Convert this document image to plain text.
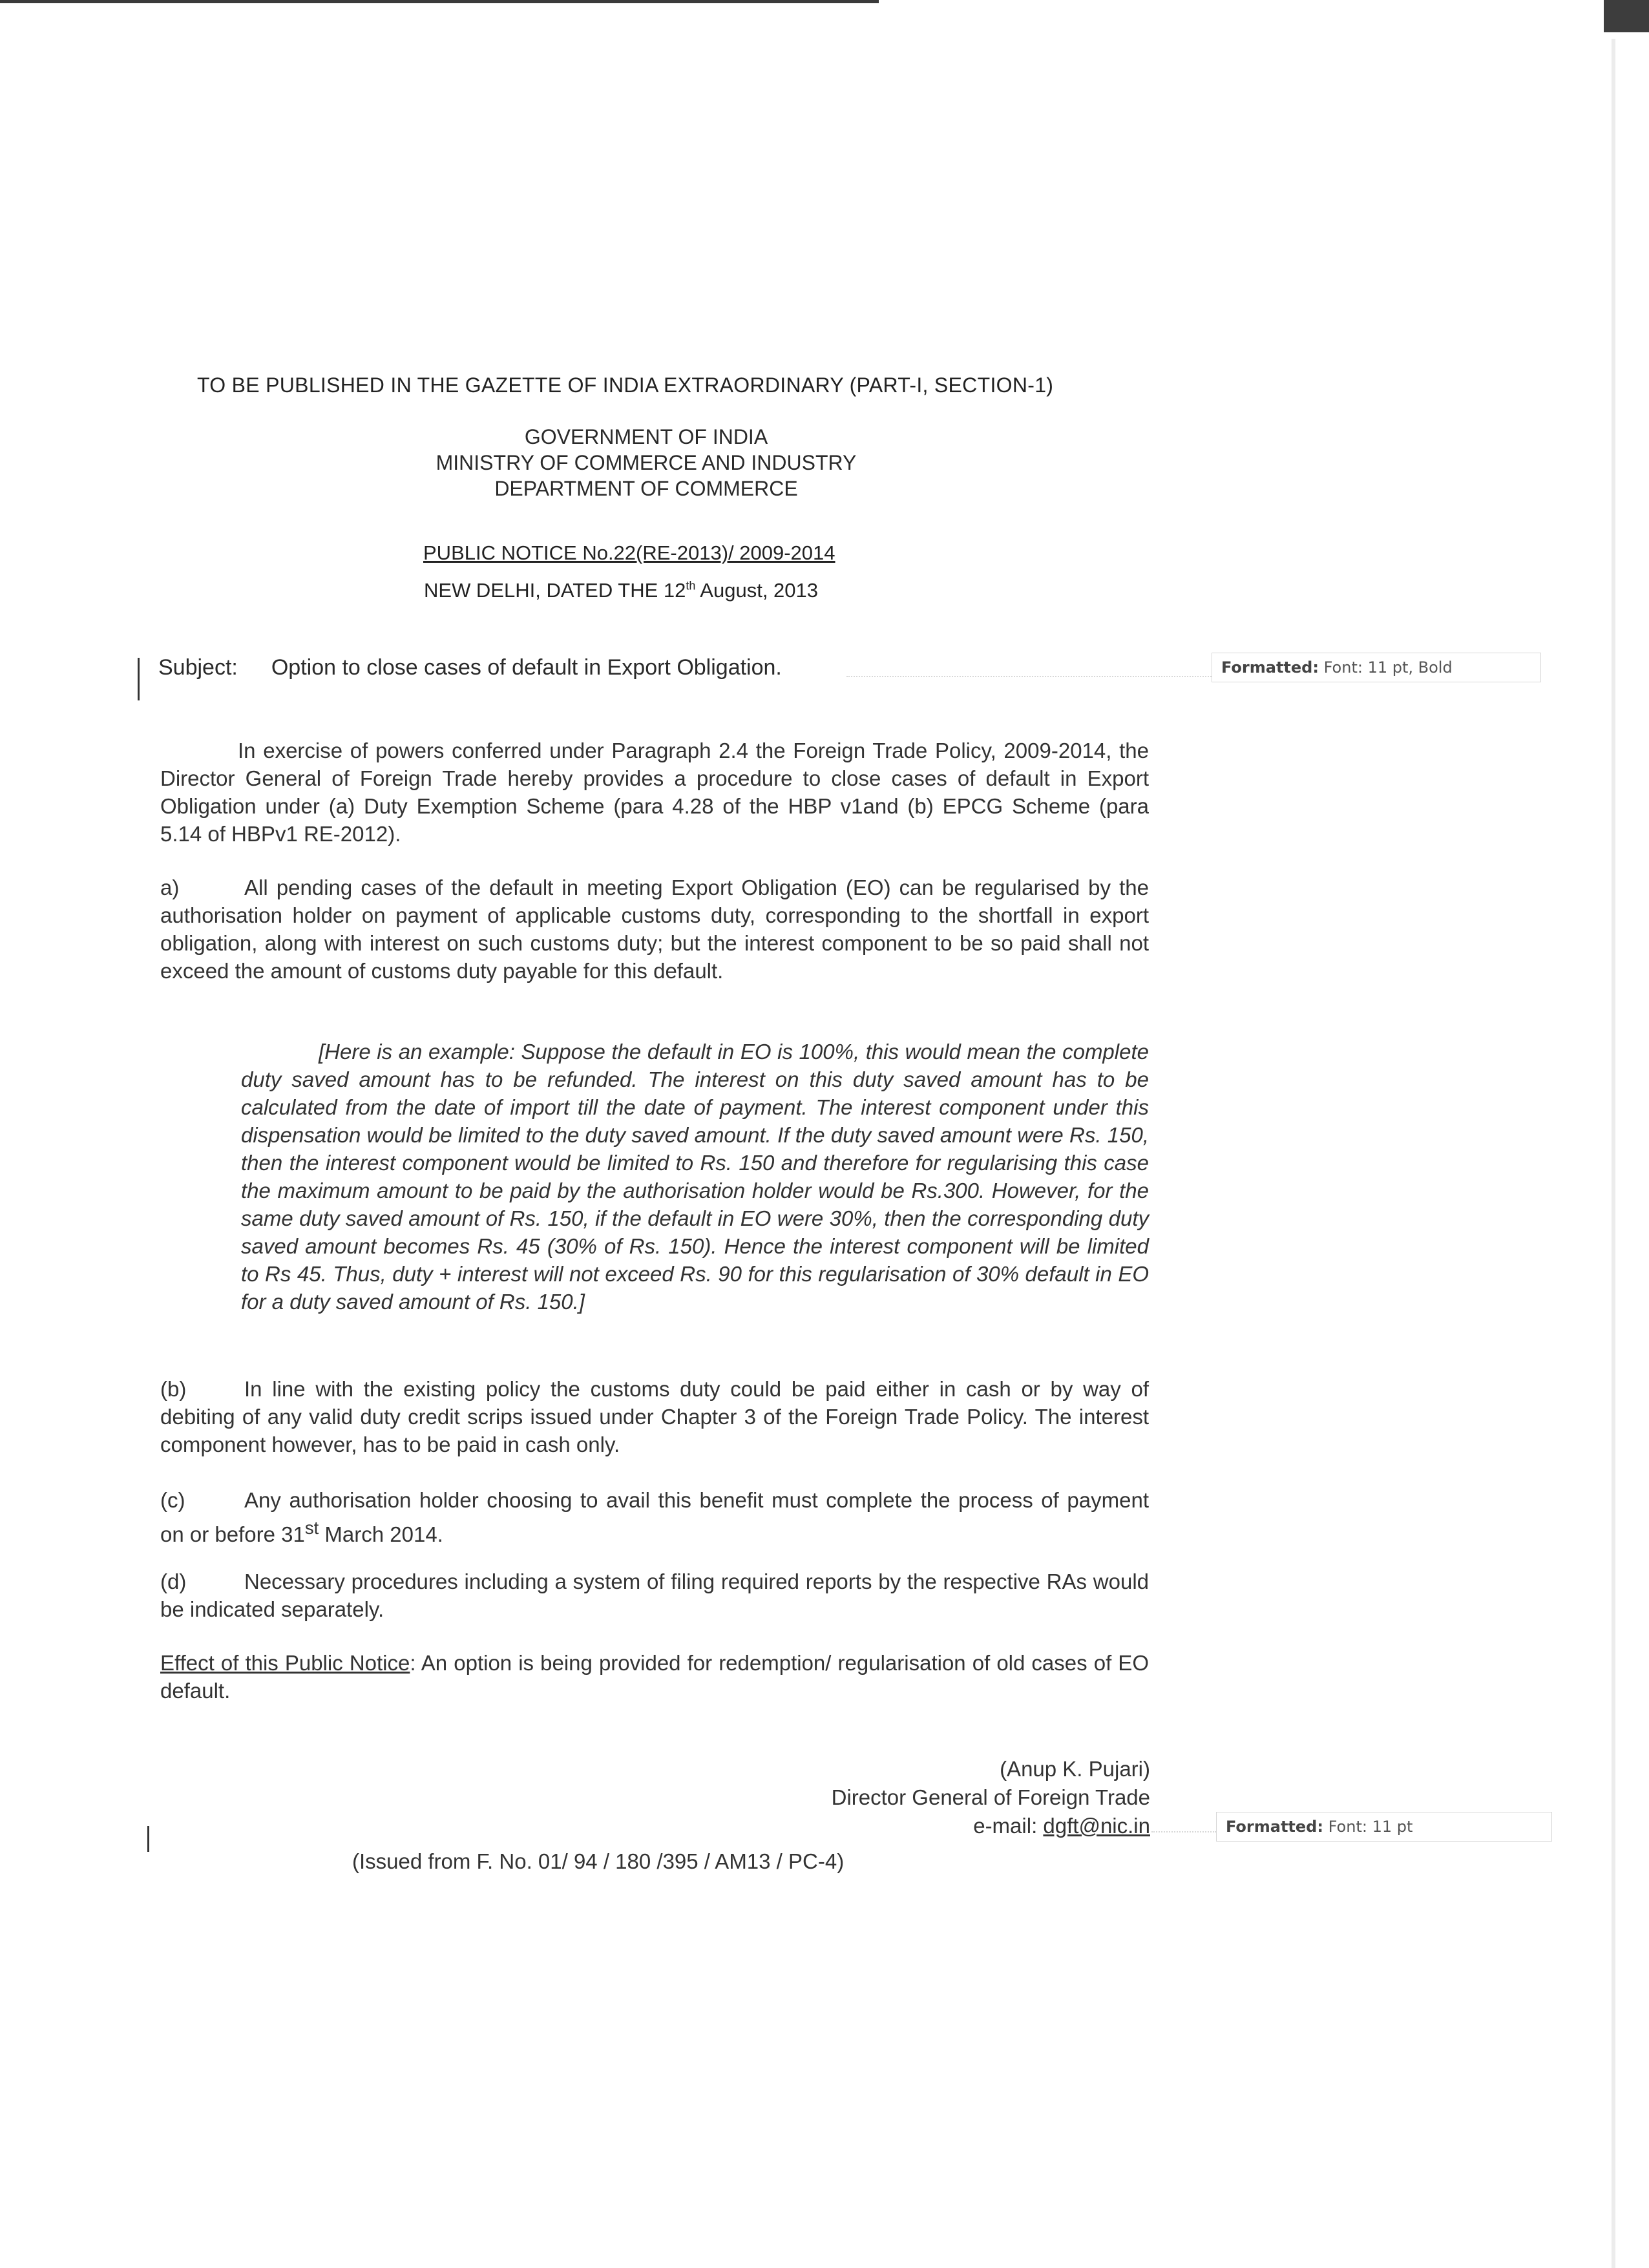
TO BE PUBLISHED IN THE GAZETTE OF INDIA EXTRAORDINARY (PART-I, SECTION-1)
GOVERNMENT OF INDIA
MINISTRY OF COMMERCE AND INDUSTRY
DEPARTMENT OF COMMERCE
PUBLIC NOTICE No.22(RE-2013)/ 2009-2014
NEW DELHI, DATED THE 12th August, 2013
Subject: Option to close cases of default in Export Obligation.	Formatted: Font: 11 pt, Bold
In exercise of powers conferred under Paragraph 2.4 the Foreign Trade Policy, 2009-2014, the Director General of Foreign Trade hereby provides a procedure to close cases of default in Export Obligation under (a) Duty Exemption Scheme (para 4.28 of the HBP v1and (b) EPCG Scheme (para 5.14 of HBPv1 RE-2012).
a)	All pending cases of the default in meeting Export Obligation (EO) can be regularised by the authorisation holder on payment of applicable customs duty, corresponding to the shortfall in export obligation, along with interest on such customs duty; but the interest component to be so paid shall not exceed the amount of customs duty payable for this default.
[Here is an example: Suppose the default in EO is 100%, this would mean the complete duty saved amount has to be refunded. The interest on this duty saved amount has to be calculated from the date of import till the date of payment. The interest component under this dispensation would be limited to the duty saved amount. If the duty saved amount were Rs. 150, then the interest component would be limited to Rs. 150 and therefore for regularising this case the maximum amount to be paid by the authorisation holder would be Rs.300. However, for the same duty saved amount of Rs. 150, if the default in EO were 30%, then the corresponding duty saved amount becomes Rs. 45 (30% of Rs. 150). Hence the interest component will be limited to Rs 45. Thus, duty + interest will not exceed Rs. 90 for this regularisation of 30% default in EO for a duty saved amount of Rs. 150.]
(b)	In line with the existing policy the customs duty could be paid either in cash or by way of debiting of any valid duty credit scrips issued under Chapter 3 of the Foreign Trade Policy. The interest component however, has to be paid in cash only.
(c)	Any authorisation holder choosing to avail this benefit must complete the process of payment on or before 31st March 2014.
(d)	Necessary procedures including a system of filing required reports by the respective RAs would be indicated separately.
Effect of this Public Notice: An option is being provided for redemption/ regularisation of old cases of EO default.
(Anup K. Pujari)
Director General of Foreign Trade
e-mail: dgft@nic.in	Formatted: Font: 11 pt
(Issued from F. No. 01/ 94 / 180 /395 / AM13 / PC-4)
